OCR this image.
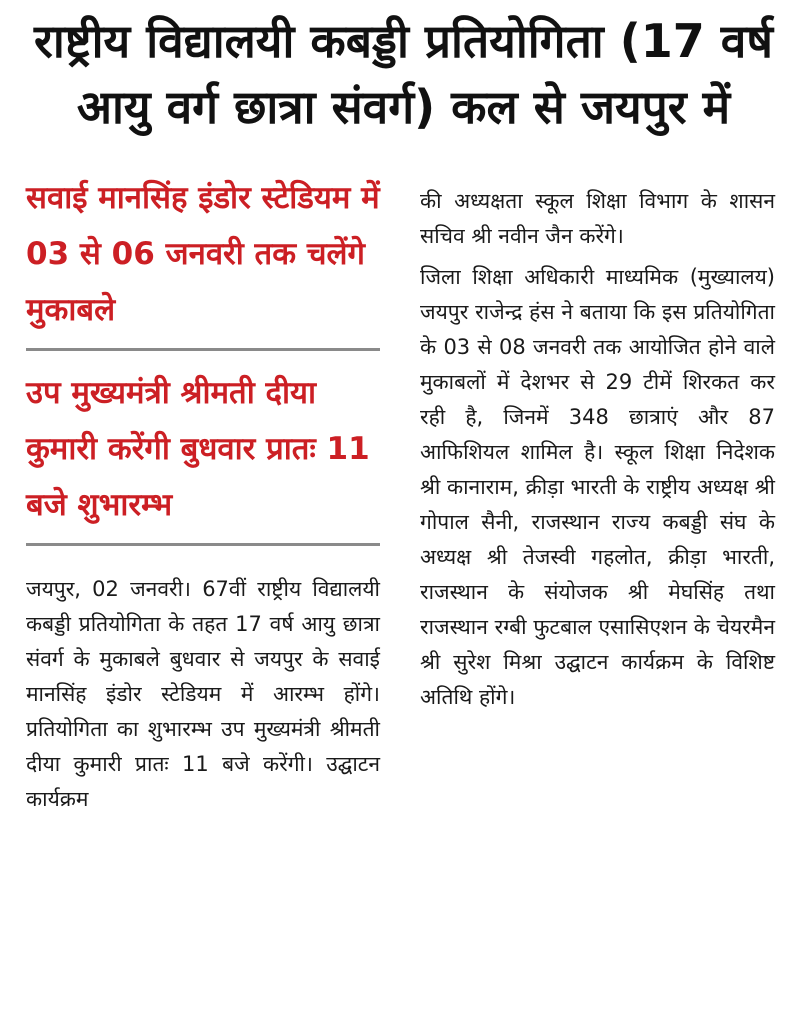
राष्ट्रीय विद्यालयी कबड्डी प्रतियोगिता (17 वर्ष आयु वर्ग छात्रा संवर्ग) कल से जयपुर में
सवाई मानसिंह इंडोर स्टेडियम में 03 से 06 जनवरी तक चलेंगे मुकाबले
उप मुख्यमंत्री श्रीमती दीया कुमारी करेंगी बुधवार प्रातः 11 बजे शुभारम्भ

जयपुर, 02 जनवरी। 67वीं राष्ट्रीय विद्यालयी कबड्डी प्रतियोगिता के तहत 17 वर्ष आयु छात्रा संवर्ग के मुकाबले बुधवार से जयपुर के सवाई मानसिंह इंडोर स्टेडियम में आरम्भ होंगे। प्रतियोगिता का शुभारम्भ उप मुख्यमंत्री श्रीमती दीया कुमारी प्रातः 11 बजे करेंगी। उद्घाटन कार्यक्रम

की अध्यक्षता स्कूल शिक्षा विभाग के शासन सचिव श्री नवीन जैन करेंगे।

जिला शिक्षा अधिकारी माध्यमिक (मुख्यालय) जयपुर राजेन्द्र हंस ने बताया कि इस प्रतियोगिता के 03 से 08 जनवरी तक आयोजित होने वाले मुकाबलों में देशभर से 29 टीमें शिरकत कर रही है, जिनमें 348 छात्राएं और 87 आफिशियल शामिल है। स्कूल शिक्षा निदेशक श्री कानाराम, क्रीड़ा भारती के राष्ट्रीय अध्यक्ष श्री गोपाल सैनी, राजस्थान राज्य कबड्डी संघ के अध्यक्ष श्री तेजस्वी गहलोत, क्रीड़ा भारती, राजस्थान के संयोजक श्री मेघसिंह तथा राजस्थान रग्बी फुटबाल एसासिएशन के चेयरमैन श्री सुरेश मिश्रा उद्घाटन कार्यक्रम के विशिष्ट अतिथि होंगे।
